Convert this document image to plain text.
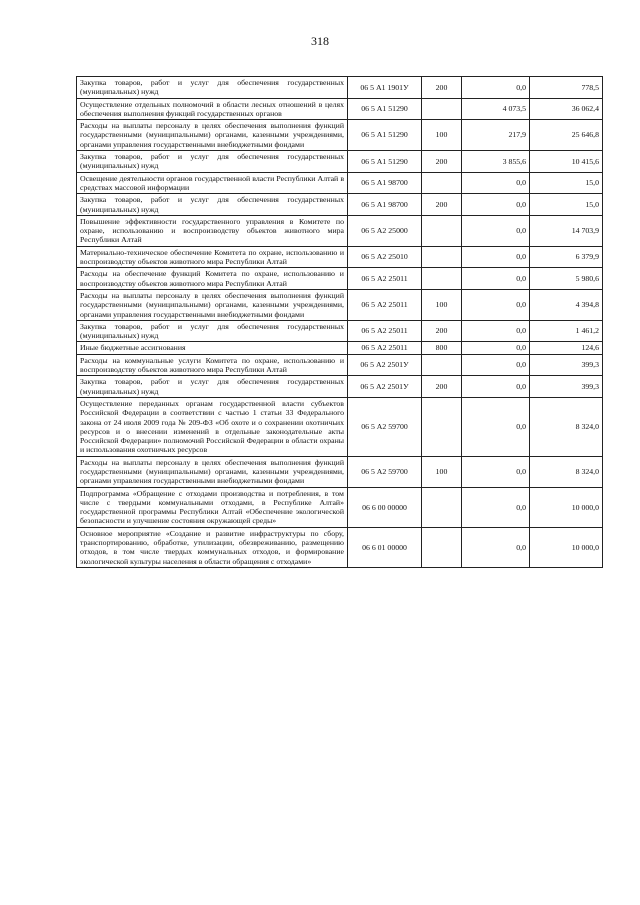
318
Закупка товаров, работ и услуг для обеспечения государственных (муниципальных) нужд	06 5 А1 1901У	200	0,0	778,5
Осуществление отдельных полномочий в области лесных отношений в целях обеспечения выполнения функций государственных органов	06 5 А1 51290		4 073,5	36 062,4
Расходы на выплаты персоналу в целях обеспечения выполнения функций государственными (муниципальными) органами, казенными учреждениями, органами управления государственными внебюджетными фондами	06 5 А1 51290	100	217,9	25 646,8
Закупка товаров, работ и услуг для обеспечения государственных (муниципальных) нужд	06 5 А1 51290	200	3 855,6	10 415,6
Освещение деятельности органов государственной власти Республики Алтай в средствах массовой информации	06 5 А1 98700		0,0	15,0
Закупка товаров, работ и услуг для обеспечения государственных (муниципальных) нужд	06 5 А1 98700	200	0,0	15,0
Повышение эффективности государственного управления в Комитете по охране, использованию и воспроизводству объектов животного мира Республики Алтай	06 5 А2 25000		0,0	14 703,9
Материально-техническое обеспечение Комитета по охране, использованию и воспроизводству объектов животного мира Республики Алтай	06 5 А2 25010		0,0	6 379,9
Расходы на обеспечение функций Комитета по охране, использованию и воспроизводству объектов животного мира Республики Алтай	06 5 А2 25011		0,0	5 980,6
Расходы на выплаты персоналу в целях обеспечения выполнения функций государственными (муниципальными) органами, казенными учреждениями, органами управления государственными внебюджетными фондами	06 5 А2 25011	100	0,0	4 394,8
Закупка товаров, работ и услуг для обеспечения государственных (муниципальных) нужд	06 5 А2 25011	200	0,0	1 461,2
Иные бюджетные ассигнования	06 5 А2 25011	800	0,0	124,6
Расходы на коммунальные услуги Комитета по охране, использованию и воспроизводству объектов животного мира Республики Алтай	06 5 А2 2501У		0,0	399,3
Закупка товаров, работ и услуг для обеспечения государственных (муниципальных) нужд	06 5 А2 2501У	200	0,0	399,3
Осуществление переданных органам государственной власти субъектов Российской Федерации в соответствии с частью 1 статьи 33 Федерального закона от 24 июля 2009 года № 209-ФЗ «Об охоте и о сохранении охотничьих ресурсов и о внесении изменений в отдельные законодательные акты Российской Федерации» полномочий Российской Федерации в области охраны и использования охотничьих ресурсов	06 5 А2 59700		0,0	8 324,0
Расходы на выплаты персоналу в целях обеспечения выполнения функций государственными (муниципальными) органами, казенными учреждениями, органами управления государственными внебюджетными фондами	06 5 А2 59700	100	0,0	8 324,0
Подпрограмма «Обращение с отходами производства и потребления, в том числе с твердыми коммунальными отходами, в Республике Алтай» государственной программы Республики Алтай «Обеспечение экологической безопасности и улучшение состояния окружающей среды»	06 6 00 00000		0,0	10 000,0
Основное мероприятие «Создание и развитие инфраструктуры по сбору, транспортированию, обработке, утилизации, обезвреживанию, размещению отходов, в том числе твердых коммунальных отходов, и формирование экологической культуры населения в области обращения с отходами»	06 6 01 00000		0,0	10 000,0
